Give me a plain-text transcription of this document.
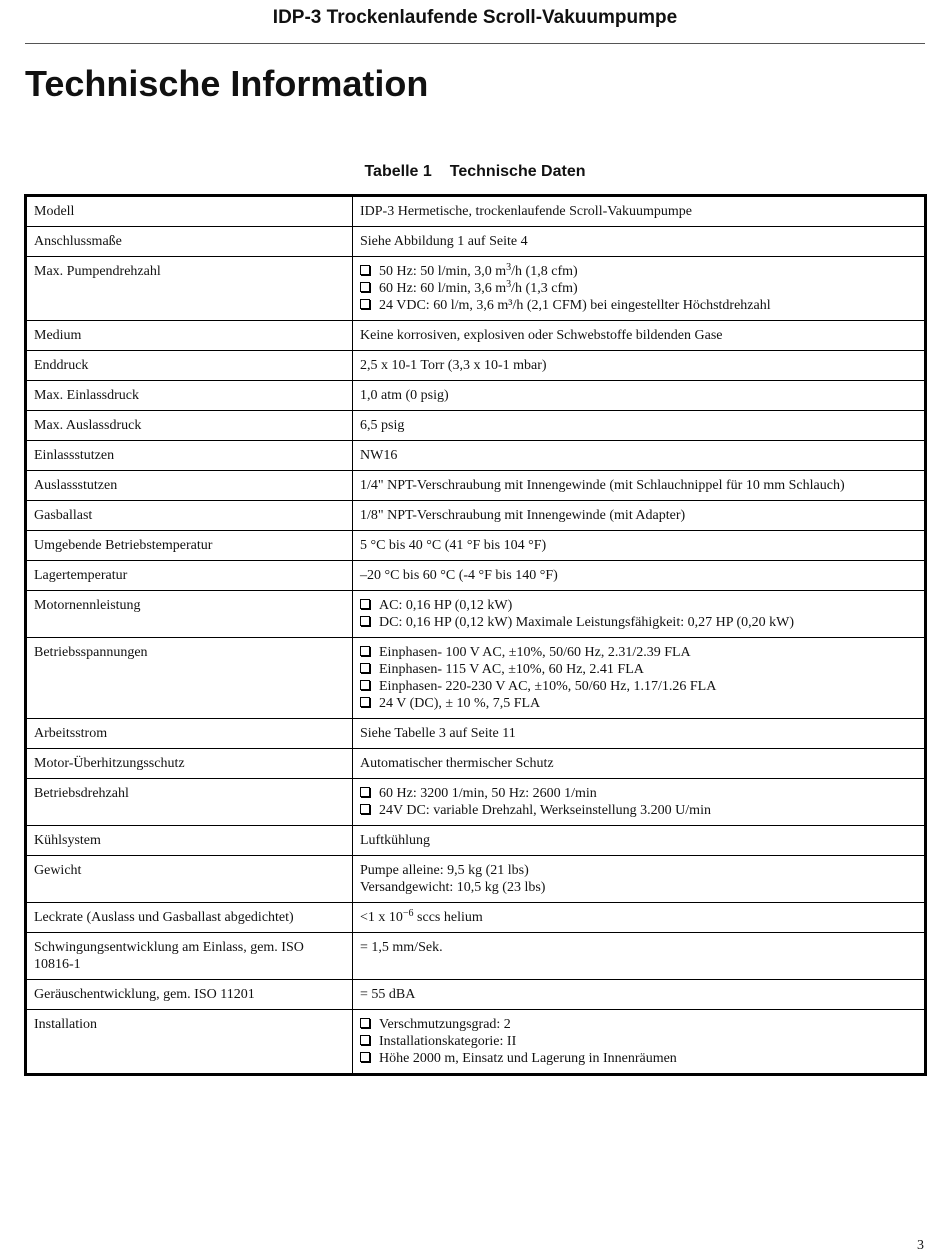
IDP-3 Trockenlaufende Scroll-Vakuumpumpe
Technische Information
Tabelle 1 Technische Daten
Modell	IDP-3 Hermetische, trockenlaufende Scroll-Vakuumpumpe

Anschlussmaße	Siehe Abbildung 1 auf Seite 4

Max. Pumpendrehzahl	50 Hz: 50 l/min, 3,0 $m^3/h$ (1,8 cfm)
60 Hz: 60 l/min, 3,6 $m^3/h$ (1,3 cfm)
24 VDC: 60 l/m, 3,6 m³/h (2,1 CFM) bei eingestellter Höchstdrehzahl

Medium	Keine korrosiven, explosiven oder Schwebstoffe bildenden Gase

Enddruck	2,5 x 10-1 Torr (3,3 x 10-1 mbar)

Max. Einlassdruck	1,0 atm (0 psig)

Max. Auslassdruck	6,5 psig

Einlassstutzen	NW16

Auslassstutzen	1/4" NPT-Verschraubung mit Innengewinde (mit Schlauchnippel für 10 mm Schlauch)

Gasballast	1/8" NPT-Verschraubung mit Innengewinde (mit Adapter)

Umgebende Betriebstemperatur	5 °C bis 40 °C (41 °F bis 104 °F)

Lagertemperatur	–20 °C bis 60 °C (-4 °F bis 140 °F)

Motornennleistung	AC: 0,16 HP (0,12 kW)
DC: 0,16 HP (0,12 kW) Maximale Leistungsfähigkeit: 0,27 HP (0,20 kW)

Betriebsspannungen	Einphasen- 100 V AC, ±10%, 50/60 Hz, 2.31/2.39 FLA
Einphasen- 115 V AC, ±10%, 60 Hz, 2.41 FLA
Einphasen- 220-230 V AC, ±10%, 50/60 Hz, 1.17/1.26 FLA
24 V (DC), ± 10 %, 7,5 FLA

Arbeitsstrom	Siehe Tabelle 3 auf Seite 11

Motor-Überhitzungsschutz	Automatischer thermischer Schutz

Betriebsdrehzahl	60 Hz: 3200 1/min, 50 Hz: 2600 1/min
24V DC: variable Drehzahl, Werkseinstellung 3.200 U/min

Kühlsystem	Luftkühlung

Gewicht	Pumpe alleine: 9,5 kg (21 lbs)
Versandgewicht: 10,5 kg (23 lbs)

Leckrate (Auslass und Gasballast abgedichtet)	<1 x $10^{-6}$ sccs helium

Schwingungsentwicklung am Einlass, gem. ISO 10816-1	= 1,5 mm/Sek.

Geräuschentwicklung, gem. ISO 11201	= 55 dBA

Installation	Verschmutzungsgrad: 2
Installationskategorie: II
Höhe 2000 m, Einsatz und Lagerung in Innenräumen
3
